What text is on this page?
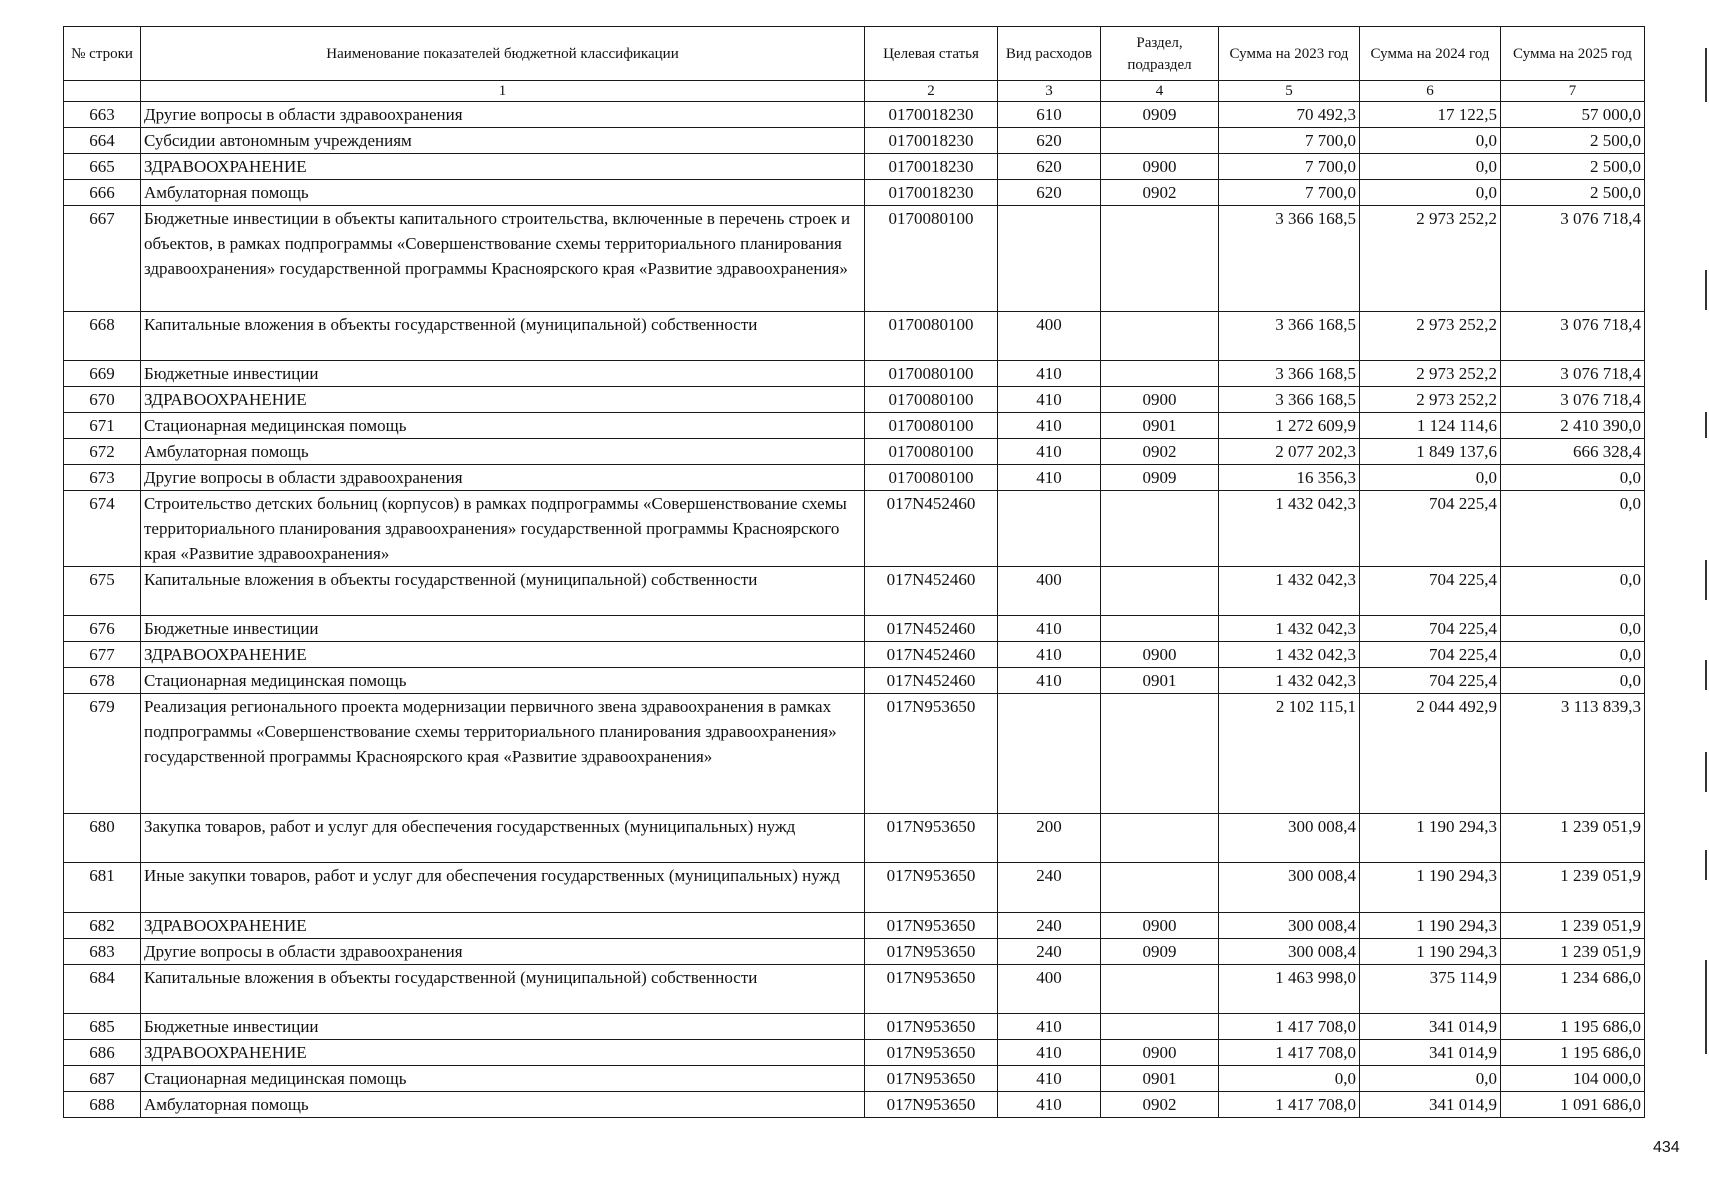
№ строки	Наименование показателей бюджетной классификации	Целевая статья	Вид расходов	Раздел, подраздел	Сумма на 2023 год	Сумма на 2024 год	Сумма на 2025 год
	1	2	3	4	5	6	7
663	Другие вопросы в области здравоохранения	0170018230	610	0909	70 492,3	17 122,5	57 000,0
664	Субсидии автономным учреждениям	0170018230	620		7 700,0	0,0	2 500,0
665	ЗДРАВООХРАНЕНИЕ	0170018230	620	0900	7 700,0	0,0	2 500,0
666	Амбулаторная помощь	0170018230	620	0902	7 700,0	0,0	2 500,0
667	Бюджетные инвестиции в объекты капитального строительства, включенные в перечень строек и объектов, в рамках подпрограммы «Совершенствование схемы территориального планирования здравоохранения» государственной программы Красноярского края «Развитие здравоохранения»	0170080100			3 366 168,5	2 973 252,2	3 076 718,4
668	Капитальные вложения в объекты государственной (муниципальной) собственности	0170080100	400		3 366 168,5	2 973 252,2	3 076 718,4
669	Бюджетные инвестиции	0170080100	410		3 366 168,5	2 973 252,2	3 076 718,4
670	ЗДРАВООХРАНЕНИЕ	0170080100	410	0900	3 366 168,5	2 973 252,2	3 076 718,4
671	Стационарная медицинская помощь	0170080100	410	0901	1 272 609,9	1 124 114,6	2 410 390,0
672	Амбулаторная помощь	0170080100	410	0902	2 077 202,3	1 849 137,6	666 328,4
673	Другие вопросы в области здравоохранения	0170080100	410	0909	16 356,3	0,0	0,0
674	Строительство детских больниц (корпусов) в рамках подпрограммы «Совершенствование схемы территориального планирования здравоохранения» государственной программы Красноярского края «Развитие здравоохранения»	017N452460			1 432 042,3	704 225,4	0,0
675	Капитальные вложения в объекты государственной (муниципальной) собственности	017N452460	400		1 432 042,3	704 225,4	0,0
676	Бюджетные инвестиции	017N452460	410		1 432 042,3	704 225,4	0,0
677	ЗДРАВООХРАНЕНИЕ	017N452460	410	0900	1 432 042,3	704 225,4	0,0
678	Стационарная медицинская помощь	017N452460	410	0901	1 432 042,3	704 225,4	0,0
679	Реализация регионального проекта модернизации первичного звена здравоохранения в рамках подпрограммы «Совершенствование схемы территориального планирования здравоохранения» государственной программы Красноярского края «Развитие здравоохранения»	017N953650			2 102 115,1	2 044 492,9	3 113 839,3
680	Закупка товаров, работ и услуг для обеспечения государственных (муниципальных) нужд	017N953650	200		300 008,4	1 190 294,3	1 239 051,9
681	Иные закупки товаров, работ и услуг для обеспечения государственных (муниципальных) нужд	017N953650	240		300 008,4	1 190 294,3	1 239 051,9
682	ЗДРАВООХРАНЕНИЕ	017N953650	240	0900	300 008,4	1 190 294,3	1 239 051,9
683	Другие вопросы в области здравоохранения	017N953650	240	0909	300 008,4	1 190 294,3	1 239 051,9
684	Капитальные вложения в объекты государственной (муниципальной) собственности	017N953650	400		1 463 998,0	375 114,9	1 234 686,0
685	Бюджетные инвестиции	017N953650	410		1 417 708,0	341 014,9	1 195 686,0
686	ЗДРАВООХРАНЕНИЕ	017N953650	410	0900	1 417 708,0	341 014,9	1 195 686,0
687	Стационарная медицинская помощь	017N953650	410	0901	0,0	0,0	104 000,0
688	Амбулаторная помощь	017N953650	410	0902	1 417 708,0	341 014,9	1 091 686,0
434
